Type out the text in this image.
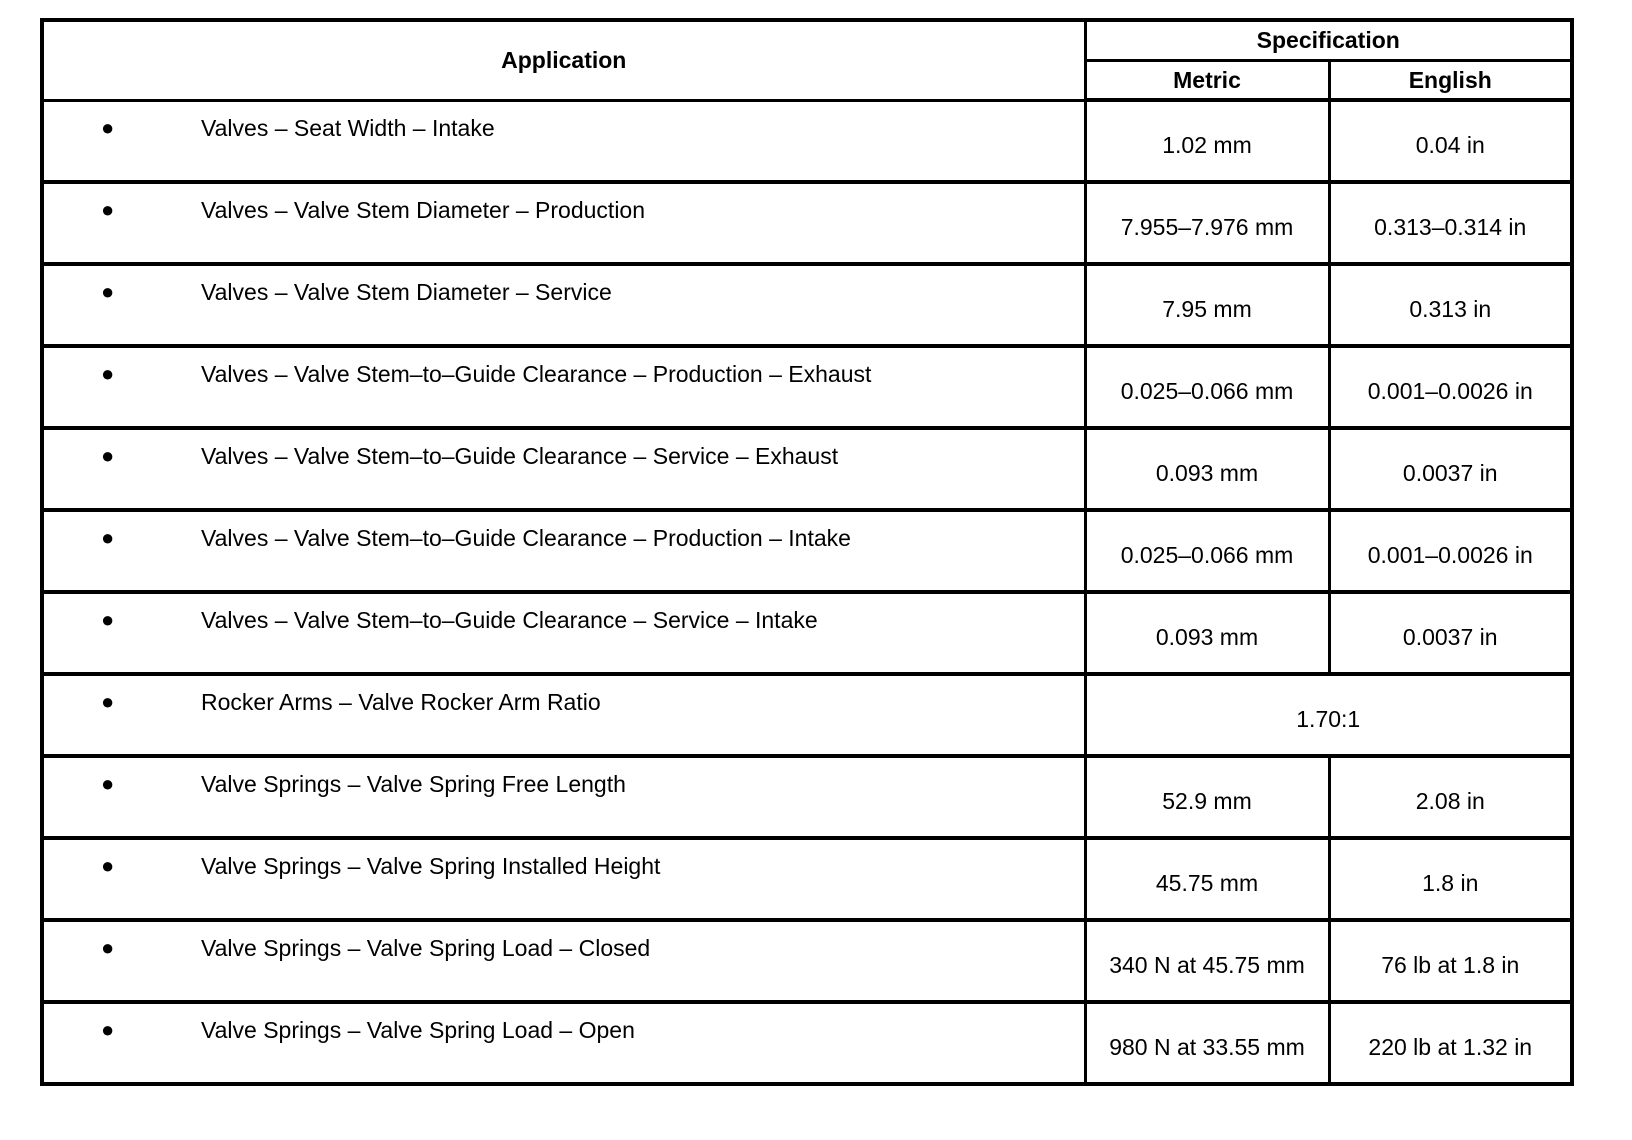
Application	Specification	
	Metric	English
● Valves – Seat Width – Intake	1.02 mm	0.04 in
● Valves – Valve Stem Diameter – Production	7.955–7.976 mm	0.313–0.314 in
● Valves – Valve Stem Diameter – Service	7.95 mm	0.313 in
● Valves – Valve Stem–to–Guide Clearance – Production – Exhaust	0.025–0.066 mm	0.001–0.0026 in
● Valves – Valve Stem–to–Guide Clearance – Service – Exhaust	0.093 mm	0.0037 in
● Valves – Valve Stem–to–Guide Clearance – Production – Intake	0.025–0.066 mm	0.001–0.0026 in
● Valves – Valve Stem–to–Guide Clearance – Service – Intake	0.093 mm	0.0037 in
● Rocker Arms – Valve Rocker Arm Ratio	1.70:1	
● Valve Springs – Valve Spring Free Length	52.9 mm	2.08 in
● Valve Springs – Valve Spring Installed Height	45.75 mm	1.8 in
● Valve Springs – Valve Spring Load – Closed	340 N at 45.75 mm	76 lb at 1.8 in
● Valve Springs – Valve Spring Load – Open	980 N at 33.55 mm	220 lb at 1.32 in
